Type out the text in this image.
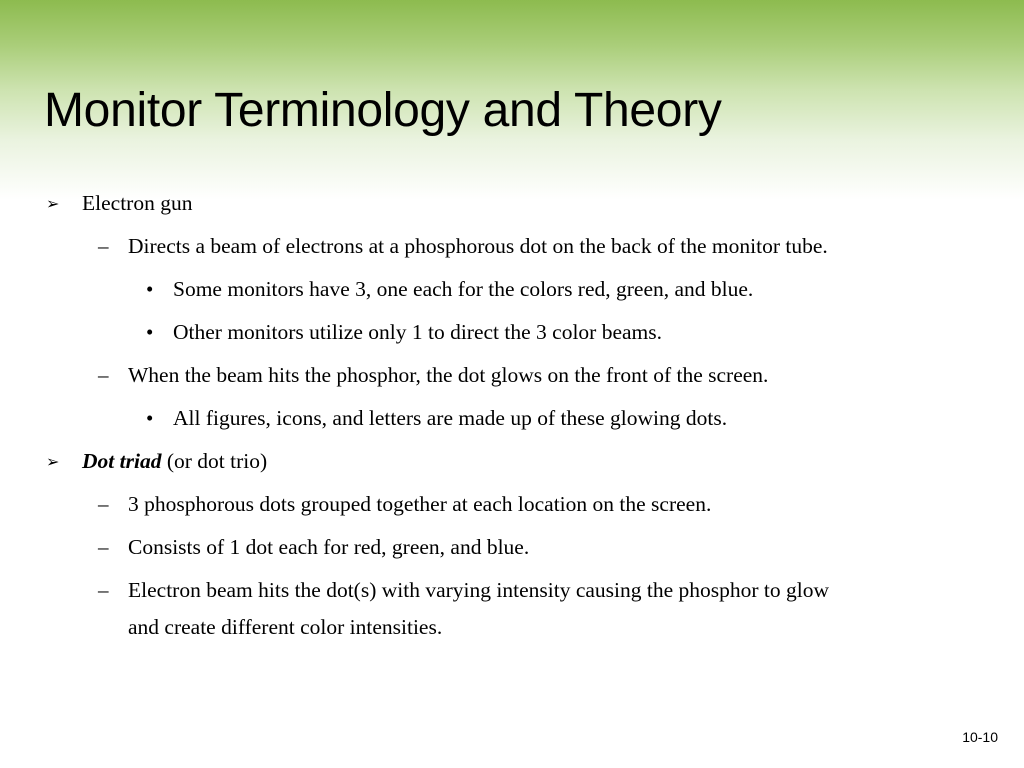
Monitor Terminology and Theory
➢ Electron gun
– Directs a beam of electrons at a phosphorous dot on the back of the monitor tube.
• Some monitors have 3, one each for the colors red, green, and blue.
• Other monitors utilize only 1 to direct the 3 color beams.
– When the beam hits the phosphor, the dot glows on the front of the screen.
• All figures, icons, and letters are made up of these glowing dots.
➢ Dot triad (or dot trio)
– 3 phosphorous dots grouped together at each location on the screen.
– Consists of 1 dot each for red, green, and blue.
– Electron beam hits the dot(s) with varying intensity causing the phosphor to glow
and create different color intensities.
10-10
